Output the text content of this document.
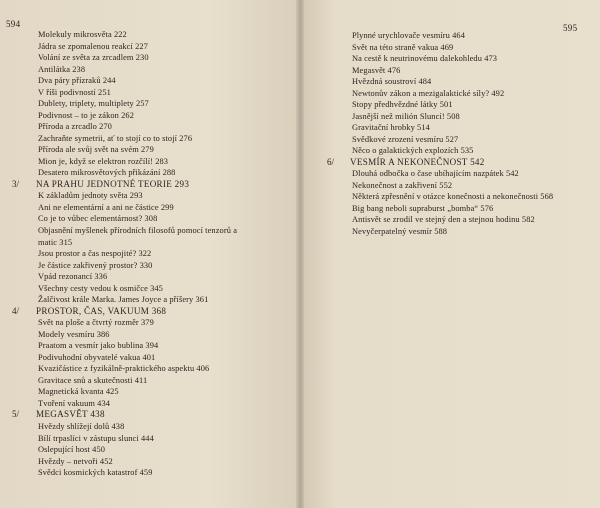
594
Molekuly mikrosvěta 222
Jádra se zpomalenou reakcí 227
Volání ze světa za zrcadlem 230
Antilátka 238
Dva páry přízraků 244
V říši podivností 251
Dublety, triplety, multiplety 257
Podivnost – to je zákon 262
Příroda a zrcadlo 270
Zachraňte symetrii, ať to stojí co to stojí 276
Příroda ale svůj svět na svém 279
Mion je, když se elektron rozčílí! 283
Desatero mikrosvětových přikázání 288
3/ NA PRAHU JEDNOTNÉ TEORIE 293
K základům jednoty světa 293
Ani ne elementární a ani ne částice 299
Co je to vůbec elementárnost? 308
Objasnění myšlenek přírodních filosofů pomocí tenzorů a
matic 315
Jsou prostor a čas nespojité? 322
Je částice zakřivený prostor? 330
Vpád rezonancí 336
Všechny cesty vedou k osmičce 345
Žalčivost krále Marka. James Joyce a příšery 361
4/ PROSTOR, ČAS, VAKUUM 368
Svět na ploše a čtvrtý rozměr 379
Modely vesmíru 386
Praatom a vesmír jako bublina 394
Podivuhodní obyvatelé vakua 401
Kvazičástice z fyzikálně-praktického aspektu 406
Gravitace snů a skutečnosti 411
Magnetická kvanta 425
Tvoření vakuum 434
5/ MEGASVĚT 438
Hvězdy shlížejí dolů 438
Bílí trpaslíci v zástupu slunci 444
Oslepující host 450
Hvězdy – netvoři 452
Svědci kosmických katastrof 459
595
Plynné urychlovače vesmíru 464
Svět na této straně vakua 469
Na cestě k neutrinovému dalekohledu 473
Megasvět 476
Hvězdná soustroví 484
Newtonův zákon a mezigalaktické síly? 492
Stopy předhvězdné látky 501
Jasnější než milión Sluncí! 508
Gravitační hrobky 514
Svědkové zrození vesmíru 527
Něco o galaktických explozích 535
6/ VESMÍR A NEKONEČNOST 542
Dlouhá odbočka o čase ubíhajícím nazpátek 542
Nekonečnost a zakřivení 552
Některá zpřesnění v otázce konečnosti a nekonečnosti 568
Big bang neboli supraburst „bomba“ 576
Antisvět se zrodil ve stejný den a stejnou hodinu 582
Nevyčerpatelný vesmír 588
